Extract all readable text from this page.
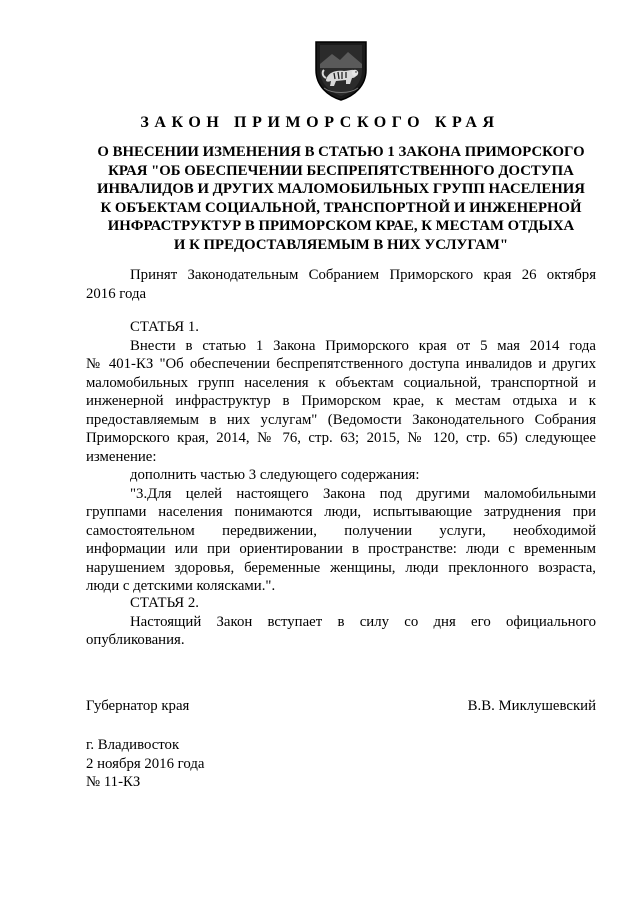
ЗАКОН ПРИМОРСКОГО КРАЯ
О ВНЕСЕНИИ ИЗМЕНЕНИЯ В СТАТЬЮ 1 ЗАКОНА ПРИМОРСКОГО
КРАЯ "ОБ ОБЕСПЕЧЕНИИ БЕСПРЕПЯТСТВЕННОГО ДОСТУПА
ИНВАЛИДОВ И ДРУГИХ МАЛОМОБИЛЬНЫХ ГРУПП НАСЕЛЕНИЯ
К ОБЪЕКТАМ СОЦИАЛЬНОЙ, ТРАНСПОРТНОЙ И ИНЖЕНЕРНОЙ
ИНФРАСТРУКТУР В ПРИМОРСКОМ КРАЕ, К МЕСТАМ ОТДЫХА
И К ПРЕДОСТАВЛЯЕМЫМ В НИХ УСЛУГАМ"
Принят Законодательным Собранием Приморского края 26 октября
2016 года
СТАТЬЯ 1.
Внести в статью 1 Закона Приморского края от 5 мая 2014 года
№ 401-КЗ "Об обеспечении беспрепятственного доступа инвалидов и других
маломобильных групп населения к объектам социальной, транспортной и
инженерной инфраструктур в Приморском крае, к местам отдыха и к
предоставляемым в них услугам" (Ведомости Законодательного Собрания
Приморского края, 2014, № 76, стр. 63; 2015, № 120, стр. 65) следующее
изменение:
дополнить частью 3 следующего содержания:
"3.Для целей настоящего Закона под другими маломобильными
группами населения понимаются люди, испытывающие затруднения при
самостоятельном передвижении, получении услуги, необходимой
информации или при ориентировании в пространстве: люди с временным
нарушением здоровья, беременные женщины, люди преклонного возраста,
люди с детскими колясками.".
СТАТЬЯ 2.
Настоящий Закон вступает в силу со дня его официального
опубликования.
Губернатор края	В.В. Миклушевский
г. Владивосток
2 ноября 2016 года
№ 11-КЗ
